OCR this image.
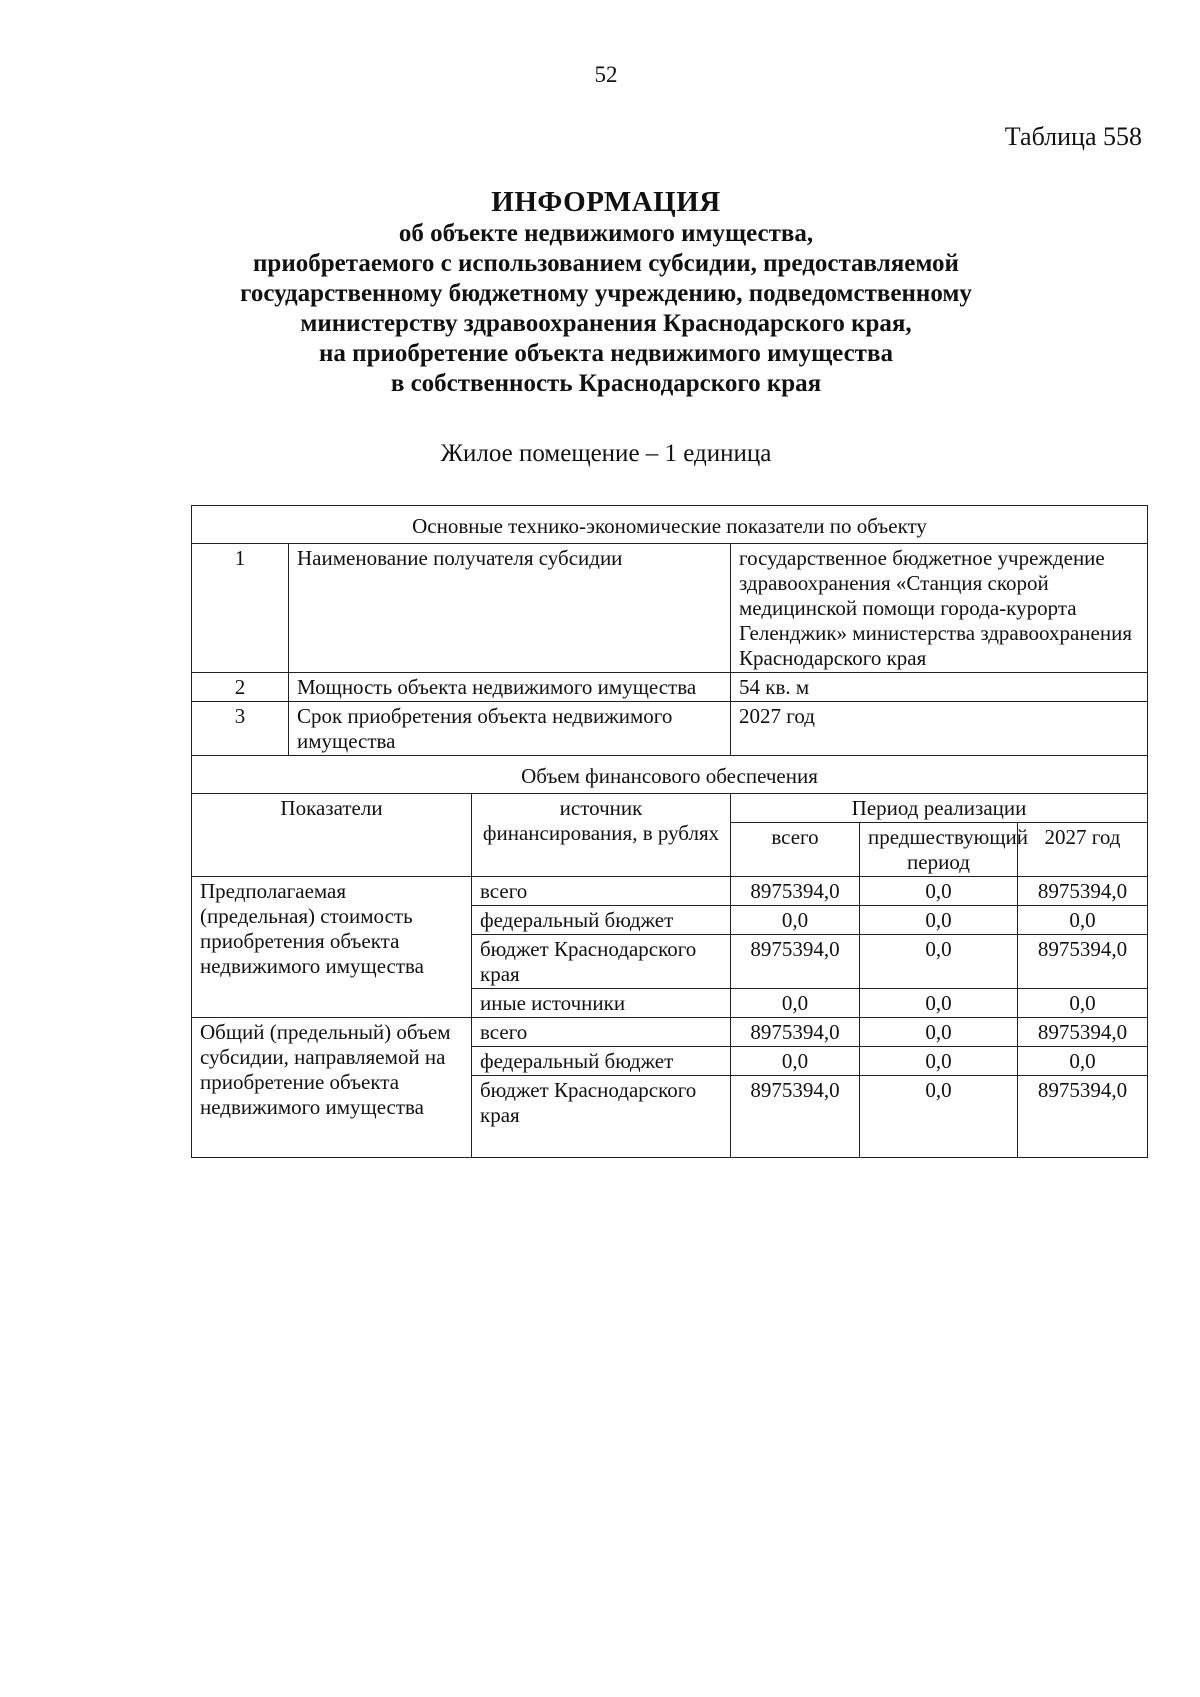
52
Таблица 558
ИНФОРМАЦИЯ
об объекте недвижимого имущества,
приобретаемого с использованием субсидии, предоставляемой
государственному бюджетному учреждению, подведомственному
министерству здравоохранения Краснодарского края,
на приобретение объекта недвижимого имущества
в собственность Краснодарского края
Жилое помещение – 1 единица
Основные технико-экономические показатели по объекту					
1	Наименование получателя субсидии		государственное бюджетное учреждение здравоохранения «Станция скорой медицинской помощи города-курорта Геленджик» министерства здравоохранения Краснодарского края		
2	Мощность объекта недвижимого имущества		54 кв. м		
3	Срок приобретения объекта недвижимого имущества		2027 год		
Объем финансового обеспечения					
Показатели		источник финансирования, в рублях	Период реализации		
			всего	предшествующий период	2027 год
Предполагаемая (предельная) стоимость приобретения объекта недвижимого имущества		всего	8975394,0	0,0	8975394,0
		федеральный бюджет	0,0	0,0	0,0
		бюджет Краснодарского края	8975394,0	0,0	8975394,0
		иные источники	0,0	0,0	0,0
Общий (предельный) объем субсидии, направляемой на приобретение объекта недвижимого имущества		всего	8975394,0	0,0	8975394,0
		федеральный бюджет	0,0	0,0	0,0
		бюджет Краснодарского края	8975394,0	0,0	8975394,0
